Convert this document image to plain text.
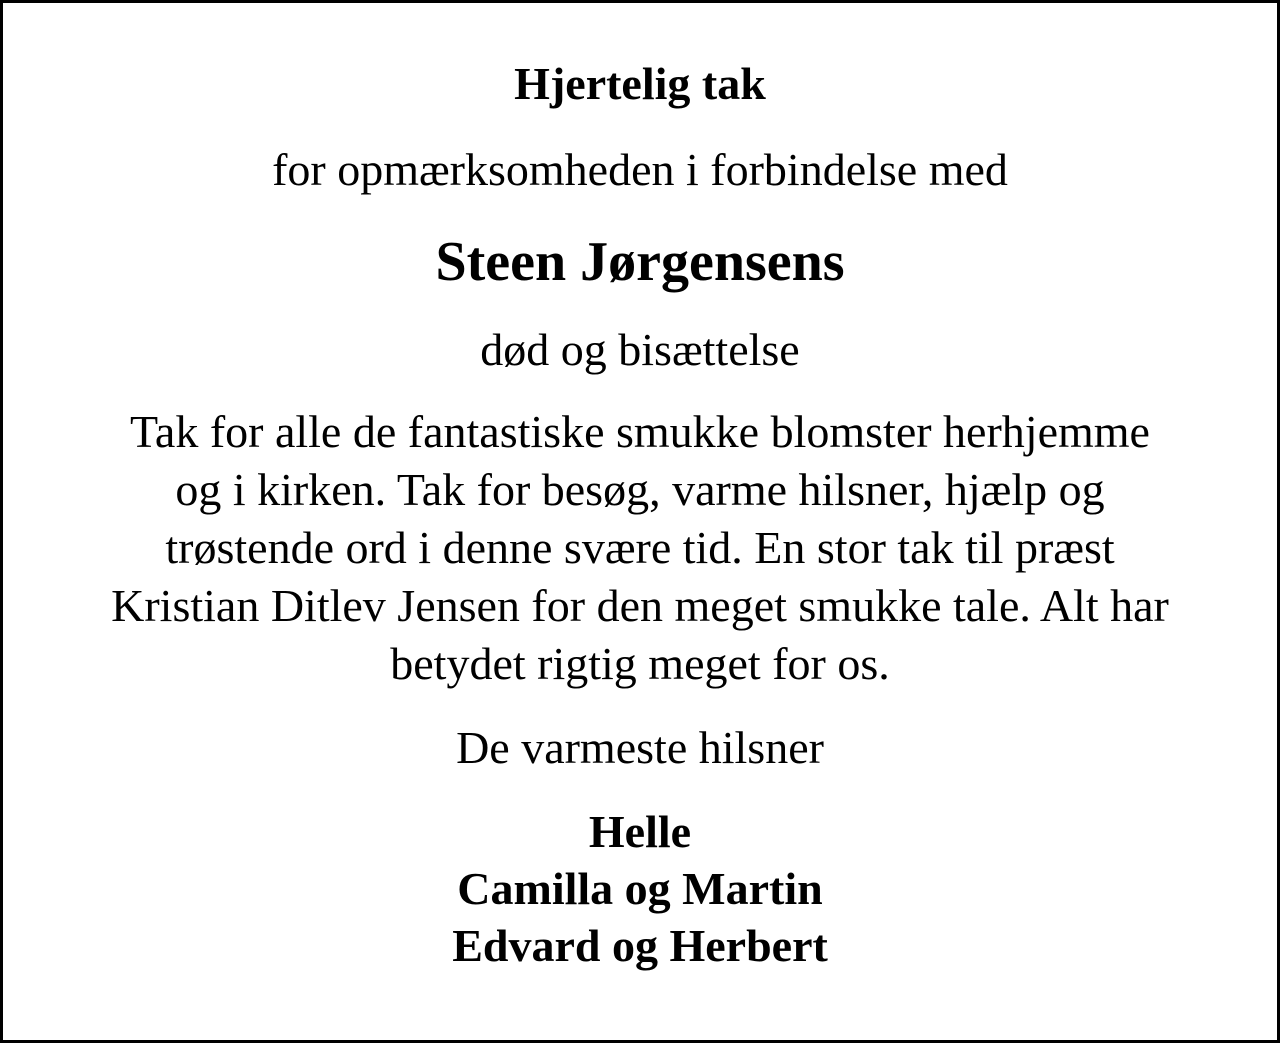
Hjertelig tak

for opmærksomheden i forbindelse med

Steen Jørgensens

død og bisættelse

Tak for alle de fantastiske smukke blomster herhjemme
og i kirken. Tak for besøg, varme hilsner, hjælp og
trøstende ord i denne svære tid. En stor tak til præst
Kristian Ditlev Jensen for den meget smukke tale. Alt har
betydet rigtig meget for os.

De varmeste hilsner

Helle
Camilla og Martin
Edvard og Herbert
